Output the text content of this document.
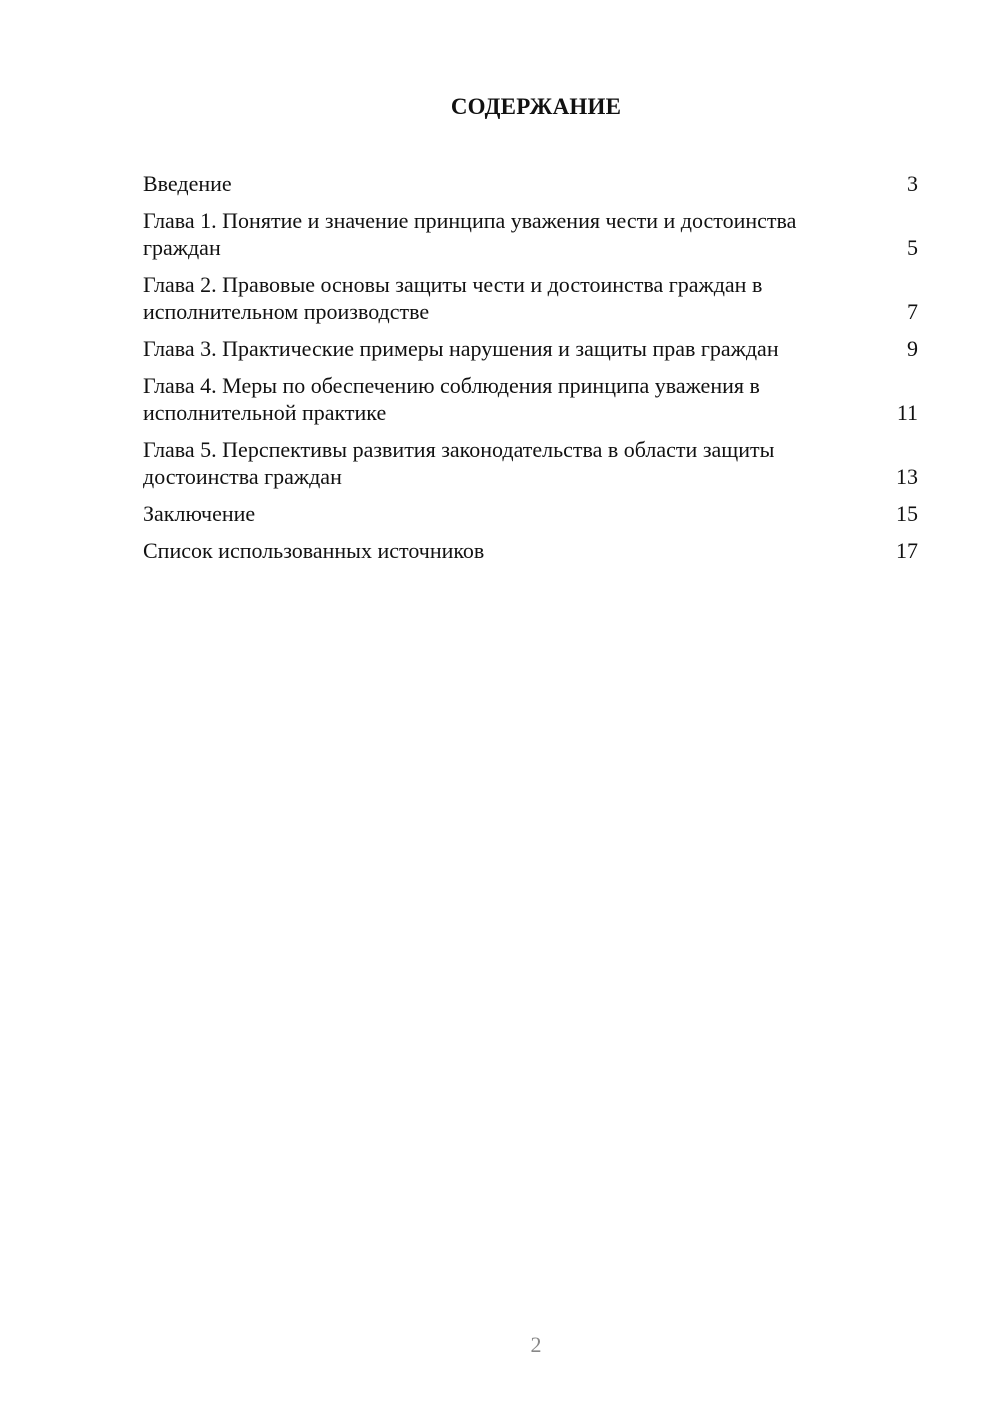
СОДЕРЖАНИЕ
Введение	3
Глава 1. Понятие и значение принципа уважения чести и достоинства граждан	5
Глава 2. Правовые основы защиты чести и достоинства граждан в исполнительном производстве	7
Глава 3. Практические примеры нарушения и защиты прав граждан	9
Глава 4. Меры по обеспечению соблюдения принципа уважения в исполнительной практике	11
Глава 5. Перспективы развития законодательства в области защиты достоинства граждан	13
Заключение	15
Список использованных источников	17
2
